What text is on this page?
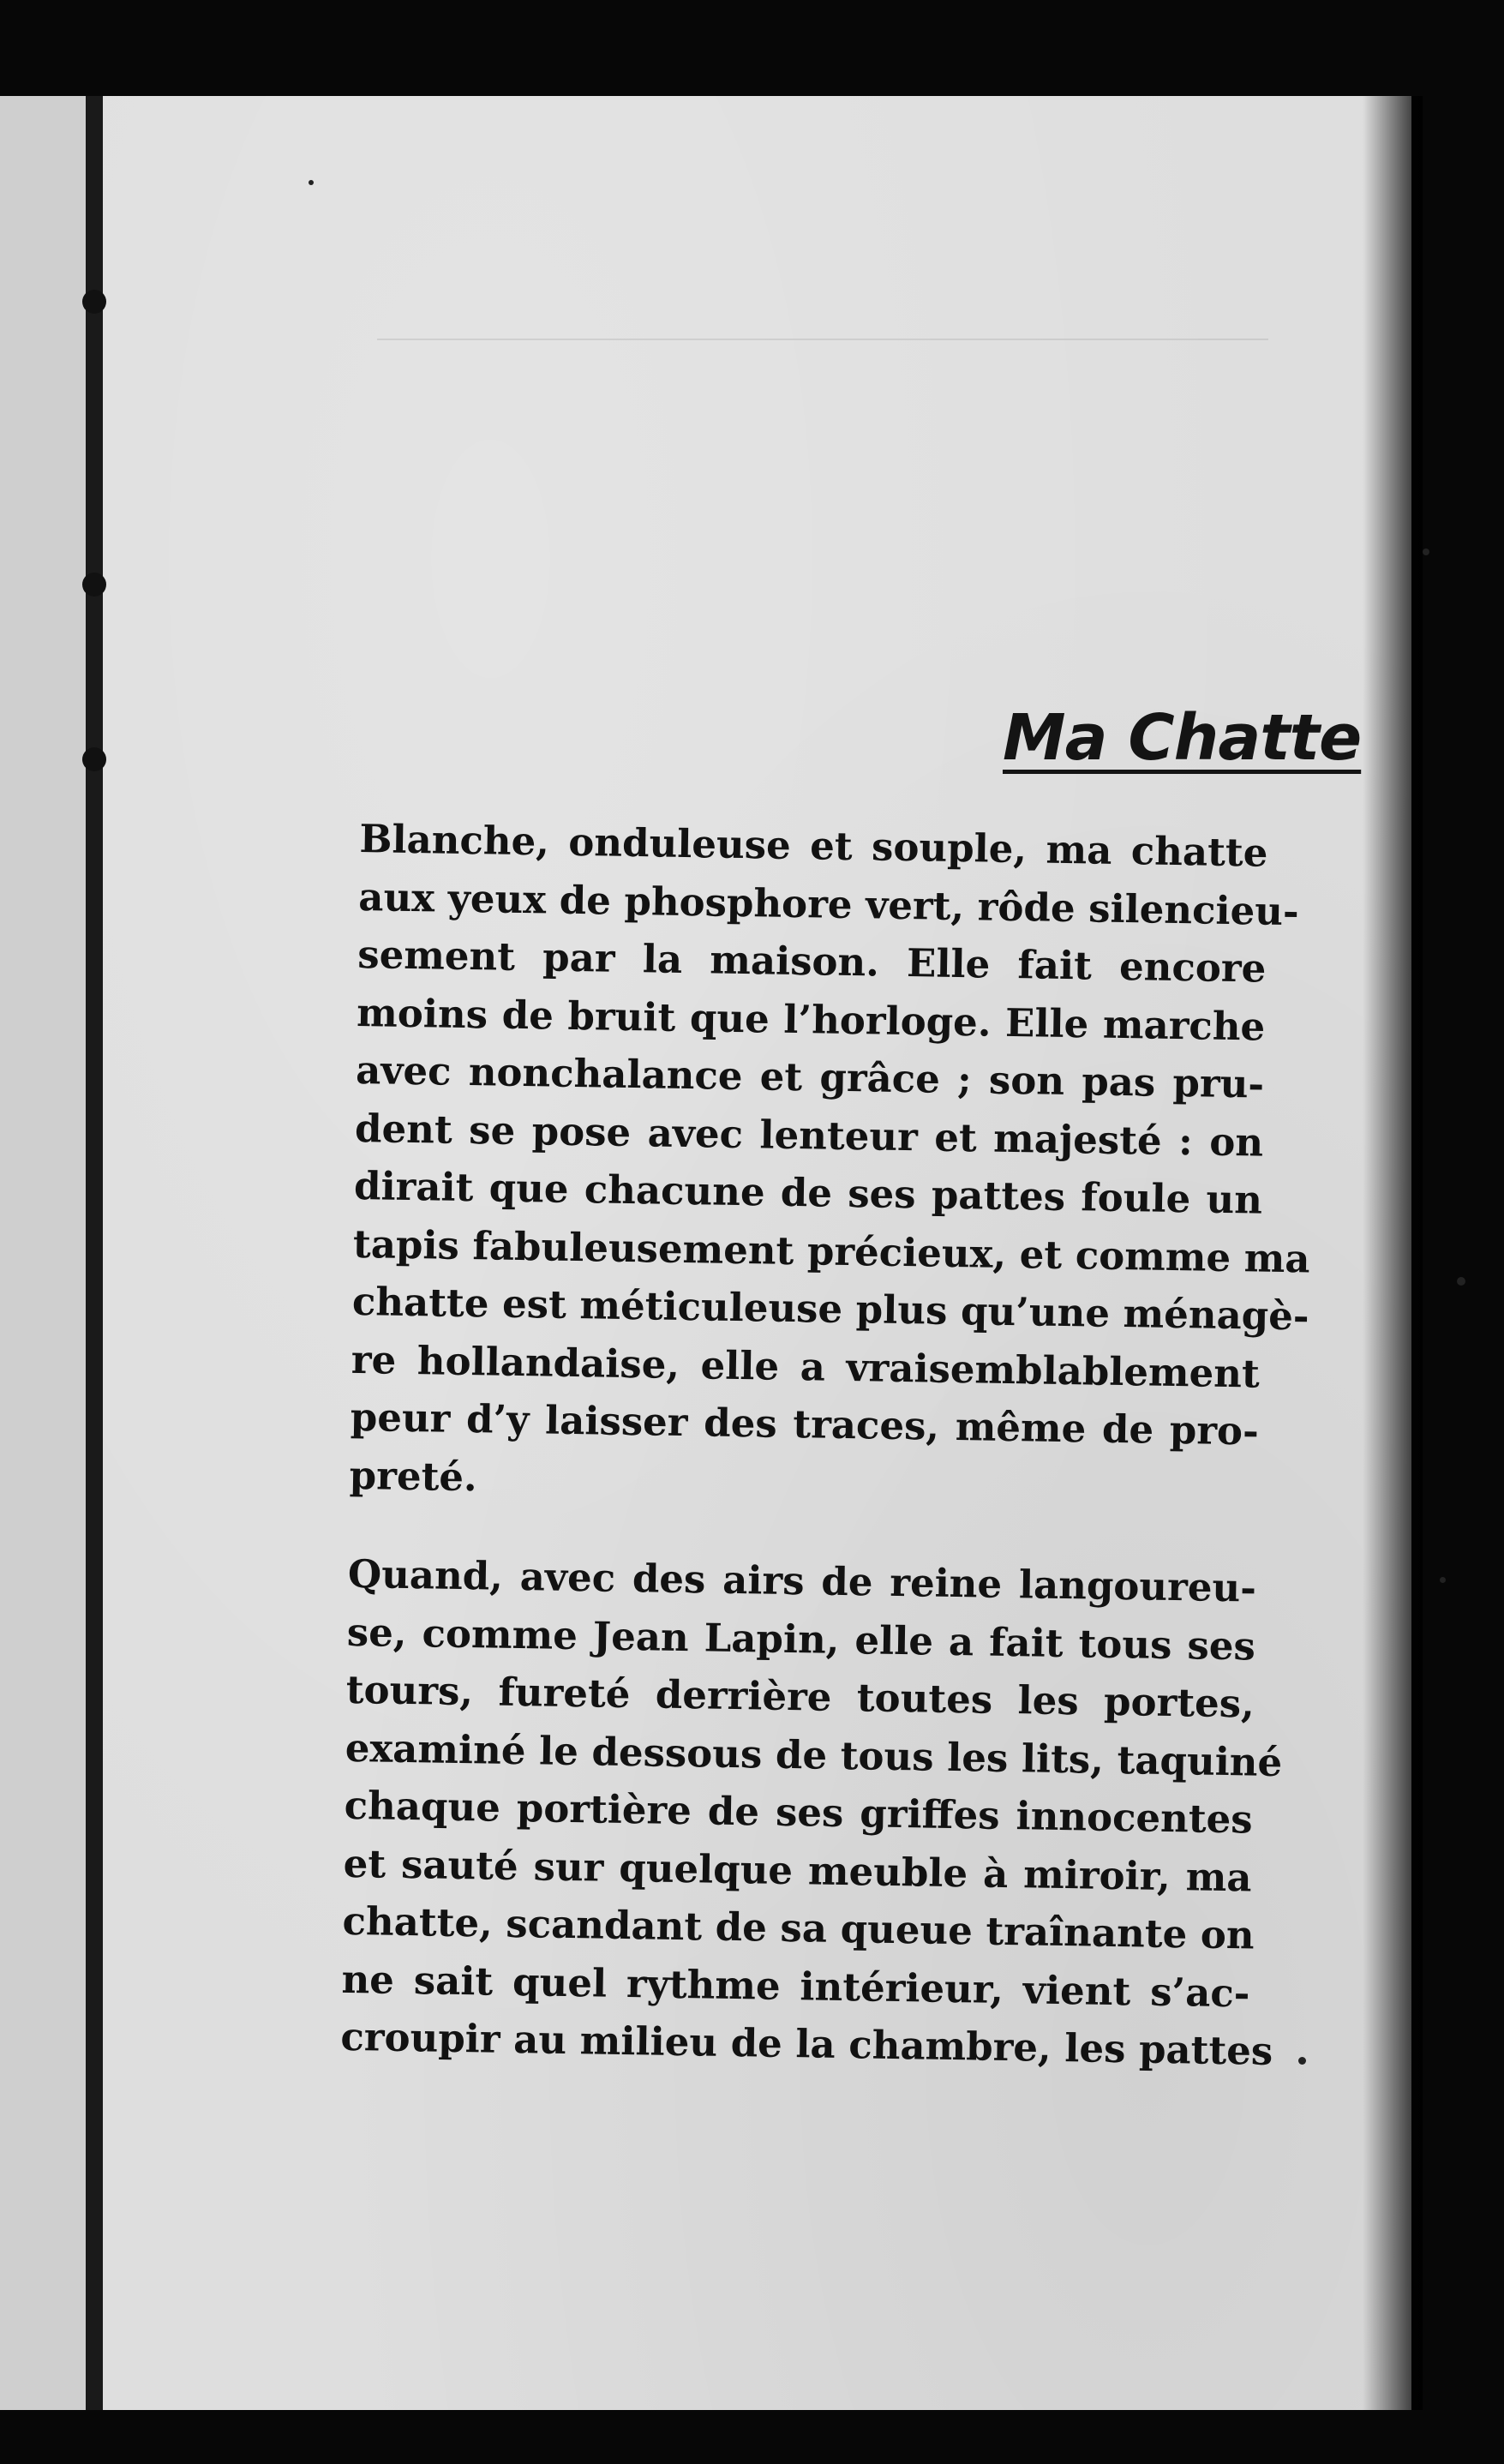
Ma Chatte
Blanche, onduleuse et souple, ma chatte
aux yeux de phosphore vert, rôde silencieu-
sement par la maison. Elle fait encore
moins de bruit que l’horloge. Elle marche
avec nonchalance et grâce ; son pas pru-
dent se pose avec lenteur et majesté : on
dirait que chacune de ses pattes foule un
tapis fabuleusement précieux, et comme ma
chatte est méticuleuse plus qu’une ménagè-
re hollandaise, elle a vraisemblablement
peur d’y laisser des traces, même de pro-
preté.
Quand, avec des airs de reine langoureu-
se, comme Jean Lapin, elle a fait tous ses
tours, fureté derrière toutes les portes,
examiné le dessous de tous les lits, taquiné
chaque portière de ses griffes innocentes
et sauté sur quelque meuble à miroir, ma
chatte, scandant de sa queue traînante on
ne sait quel rythme intérieur, vient s’ac-
croupir au milieu de la chambre, les pattes
